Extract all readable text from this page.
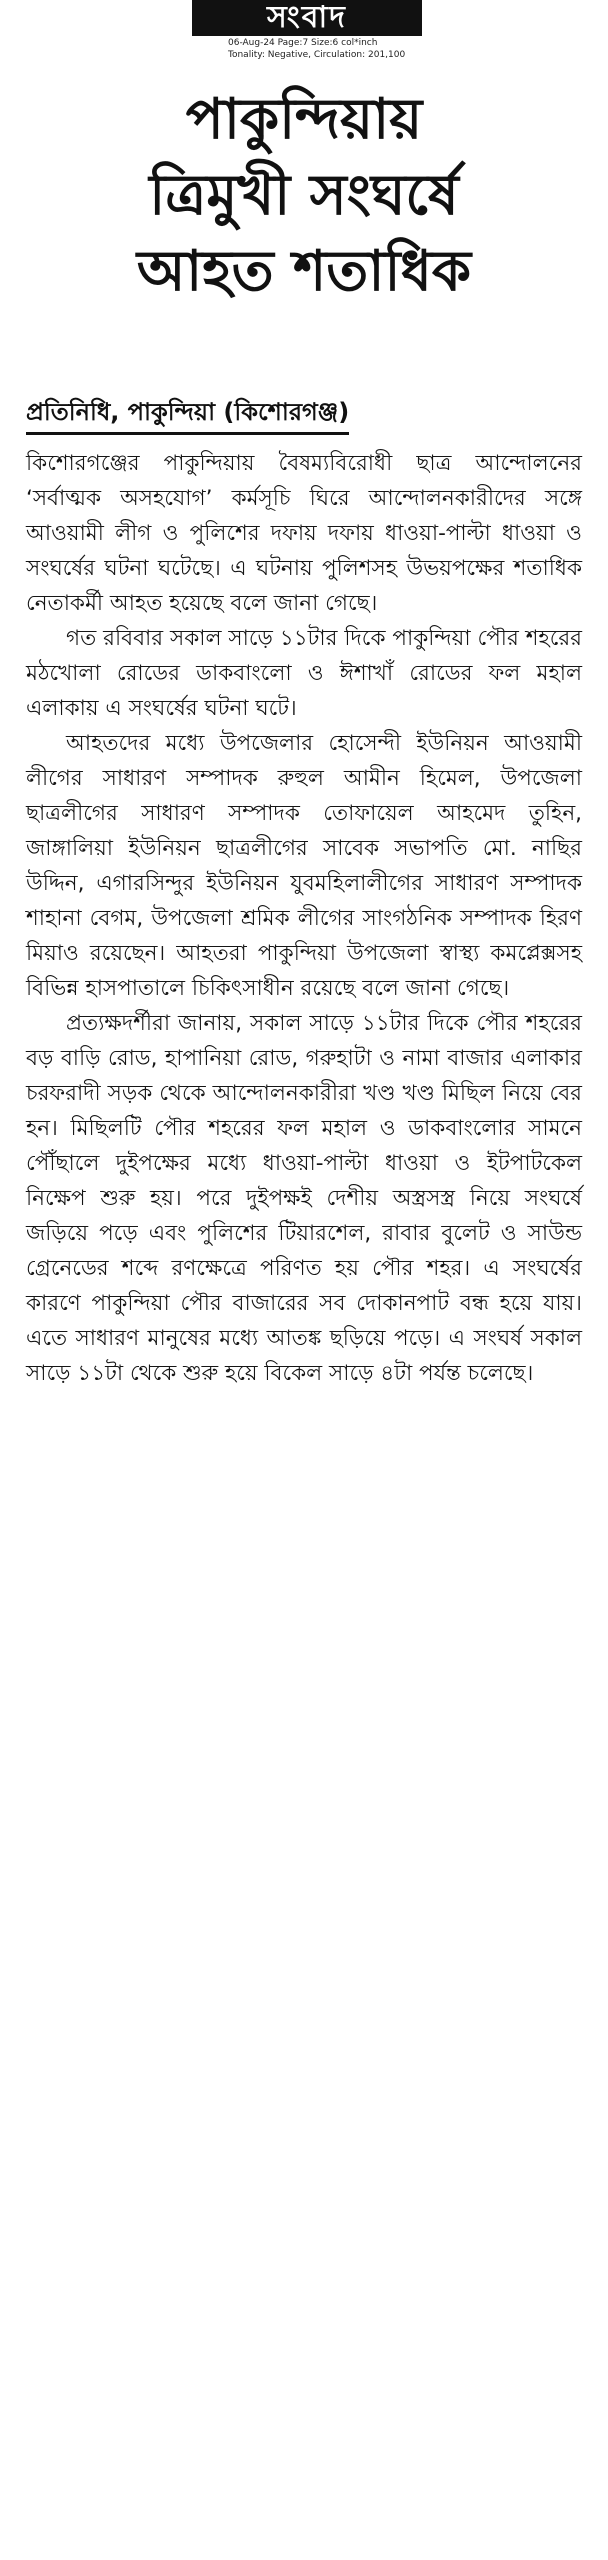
সংবাদ
06-Aug-24 Page:7 Size:6 col*inch
Tonality: Negative, Circulation: 201,100
পাকুন্দিয়ায়
ত্রিমুখী সংঘর্ষে
আহত শতাধিক
প্রতিনিধি, পাকুন্দিয়া (কিশোরগঞ্জ)

কিশোরগঞ্জের পাকুন্দিয়ায় বৈষম্যবিরোধী ছাত্র আন্দোলনের ‘সর্বাত্মক অসহযোগ’ কর্মসূচি ঘিরে আন্দোলনকারীদের সঙ্গে আওয়ামী লীগ ও পুলিশের দফায় দফায় ধাওয়া-পাল্টা ধাওয়া ও সংঘর্ষের ঘটনা ঘটেছে। এ ঘটনায় পুলিশসহ উভয়পক্ষের শতাধিক নেতাকর্মী আহত হয়েছে বলে জানা গেছে।

গত রবিবার সকাল সাড়ে ১১টার দিকে পাকুন্দিয়া পৌর শহরের মঠখোলা রোডের ডাকবাংলো ও ঈশাখাঁ রোডের ফল মহাল এলাকায় এ সংঘর্ষের ঘটনা ঘটে।

আহতদের মধ্যে উপজেলার হোসেন্দী ইউনিয়ন আওয়ামী লীগের সাধারণ সম্পাদক রুহুল আমীন হিমেল, উপজেলা ছাত্রলীগের সাধারণ সম্পাদক তোফায়েল আহমেদ তুহিন, জাঙ্গালিয়া ইউনিয়ন ছাত্রলীগের সাবেক সভাপতি মো. নাছির উদ্দিন, এগারসিন্দুর ইউনিয়ন যুবমহিলালীগের সাধারণ সম্পাদক শাহানা বেগম, উপজেলা শ্রমিক লীগের সাংগঠনিক সম্পাদক হিরণ মিয়াও রয়েছেন। আহতরা পাকুন্দিয়া উপজেলা স্বাস্থ্য কমপ্লেক্সসহ বিভিন্ন হাসপাতালে চিকিৎসাধীন রয়েছে বলে জানা গেছে।

প্রত্যক্ষদর্শীরা জানায়, সকাল সাড়ে ১১টার দিকে পৌর শহরের বড় বাড়ি রোড, হাপানিয়া রোড, গরুহাটা ও নামা বাজার এলাকার চরফরাদী সড়ক থেকে আন্দোলনকারীরা খণ্ড খণ্ড মিছিল নিয়ে বের হন। মিছিলটি পৌর শহরের ফল মহাল ও ডাকবাংলোর সামনে পৌঁছালে দুইপক্ষের মধ্যে ধাওয়া-পাল্টা ধাওয়া ও ইটপাটকেল নিক্ষেপ শুরু হয়। পরে দুইপক্ষই দেশীয় অস্ত্রসস্ত্র নিয়ে সংঘর্ষে জড়িয়ে পড়ে এবং পুলিশের টিয়ারশেল, রাবার বুলেট ও সাউন্ড গ্রেনেডের শব্দে রণক্ষেত্রে পরিণত হয় পৌর শহর। এ সংঘর্ষের কারণে পাকুন্দিয়া পৌর বাজারের সব দোকানপাট বন্ধ হয়ে যায়। এতে সাধারণ মানুষের মধ্যে আতঙ্ক ছড়িয়ে পড়ে। এ সংঘর্ষ সকাল সাড়ে ১১টা থেকে শুরু হয়ে বিকেল সাড়ে ৪টা পর্যন্ত চলেছে।
